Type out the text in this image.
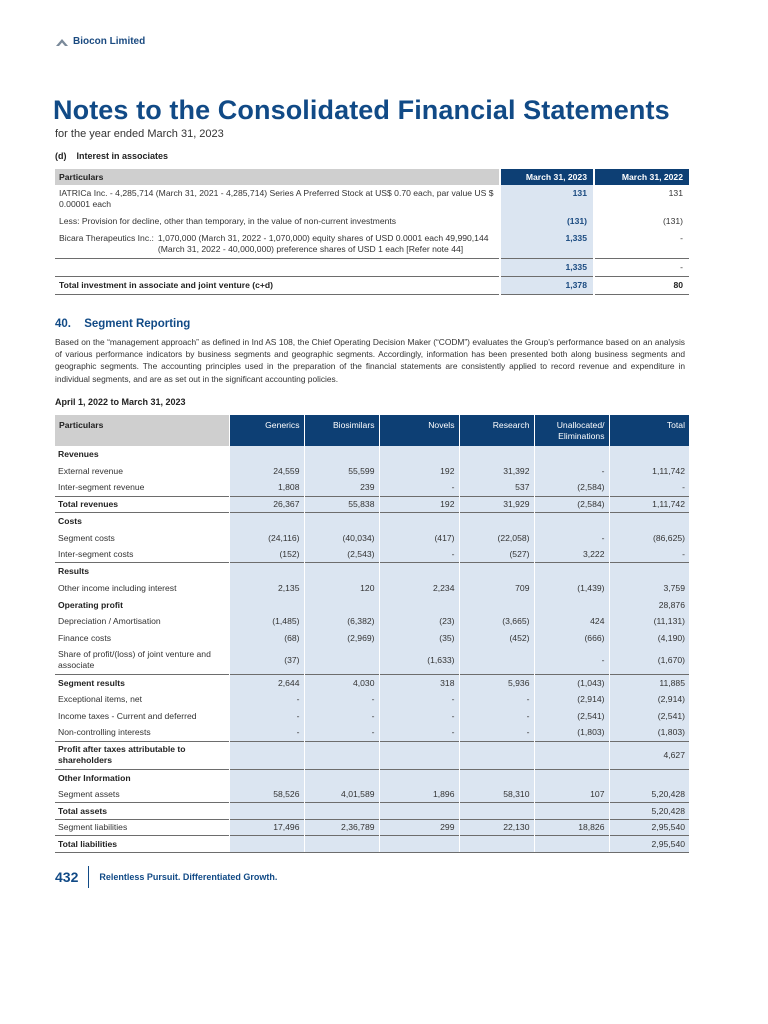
Biocon Limited
Notes to the Consolidated Financial Statements
for the year ended March 31, 2023
(d)    Interest in associates
Particulars	March 31, 2023	March 31, 2022
IATRICa Inc. - 4,285,714 (March 31, 2021 - 4,285,714) Series A Preferred Stock at US$ 0.70 each, par value US $ 0.00001 each	131	131
Less: Provision for decline, other than temporary, in the value of non-current investments	(131)	(131)

Bicara Therapeutics Inc.: 1,070,000 (March 31, 2022 - 1,070,000) equity shares of USD 0.0001 each 49,990,144 (March 31, 2022 - 40,000,000) preference shares of USD 1 each [Refer note 44]	1,335	-
	1,335	-
Total investment in associate and joint venture (c+d)	1,378	80
40. Segment Reporting
Based on the “management approach” as defined in Ind AS 108, the Chief Operating Decision Maker (“CODM”) evaluates the Group’s performance based on an analysis of various performance indicators by business segments and geographic segments. Accordingly, information has been presented both along business segments and geographic segments. The accounting principles used in the preparation of the financial statements are consistently applied to record revenue and expenditure in individual segments, and are as set out in the significant accounting policies.
April 1, 2022 to March 31, 2023
Particulars	Generics	Biosimilars	Novels	Research	Unallocated/ Eliminations	Total
Revenues						
External revenue	24,559	55,599	192	31,392	-	1,11,742
Inter-segment revenue	1,808	239	-	537	(2,584)	-
Total revenues	26,367	55,838	192	31,929	(2,584)	1,11,742
Costs						
Segment costs	(24,116)	(40,034)	(417)	(22,058)	-	(86,625)
Inter-segment costs	(152)	(2,543)	-	(527)	3,222	-
Results						
Other income including interest	2,135	120	2,234	709	(1,439)	3,759
Operating profit						28,876
Depreciation / Amortisation	(1,485)	(6,382)	(23)	(3,665)	424	(11,131)
Finance costs	(68)	(2,969)	(35)	(452)	(666)	(4,190)
Share of profit/(loss) of joint venture and associate	(37)		(1,633)		-	(1,670)
Segment results	2,644	4,030	318	5,936	(1,043)	11,885
Exceptional items, net	-	-	-	-	(2,914)	(2,914)
Income taxes - Current and deferred	-	-	-	-	(2,541)	(2,541)
Non-controlling interests	-	-	-	-	(1,803)	(1,803)
Profit after taxes attributable to shareholders						4,627
Other Information						
Segment assets	58,526	4,01,589	1,896	58,310	107	5,20,428
Total assets						5,20,428
Segment liabilities	17,496	2,36,789	299	22,130	18,826	2,95,540
Total liabilities						2,95,540
432	Relentless Pursuit. Differentiated Growth.
